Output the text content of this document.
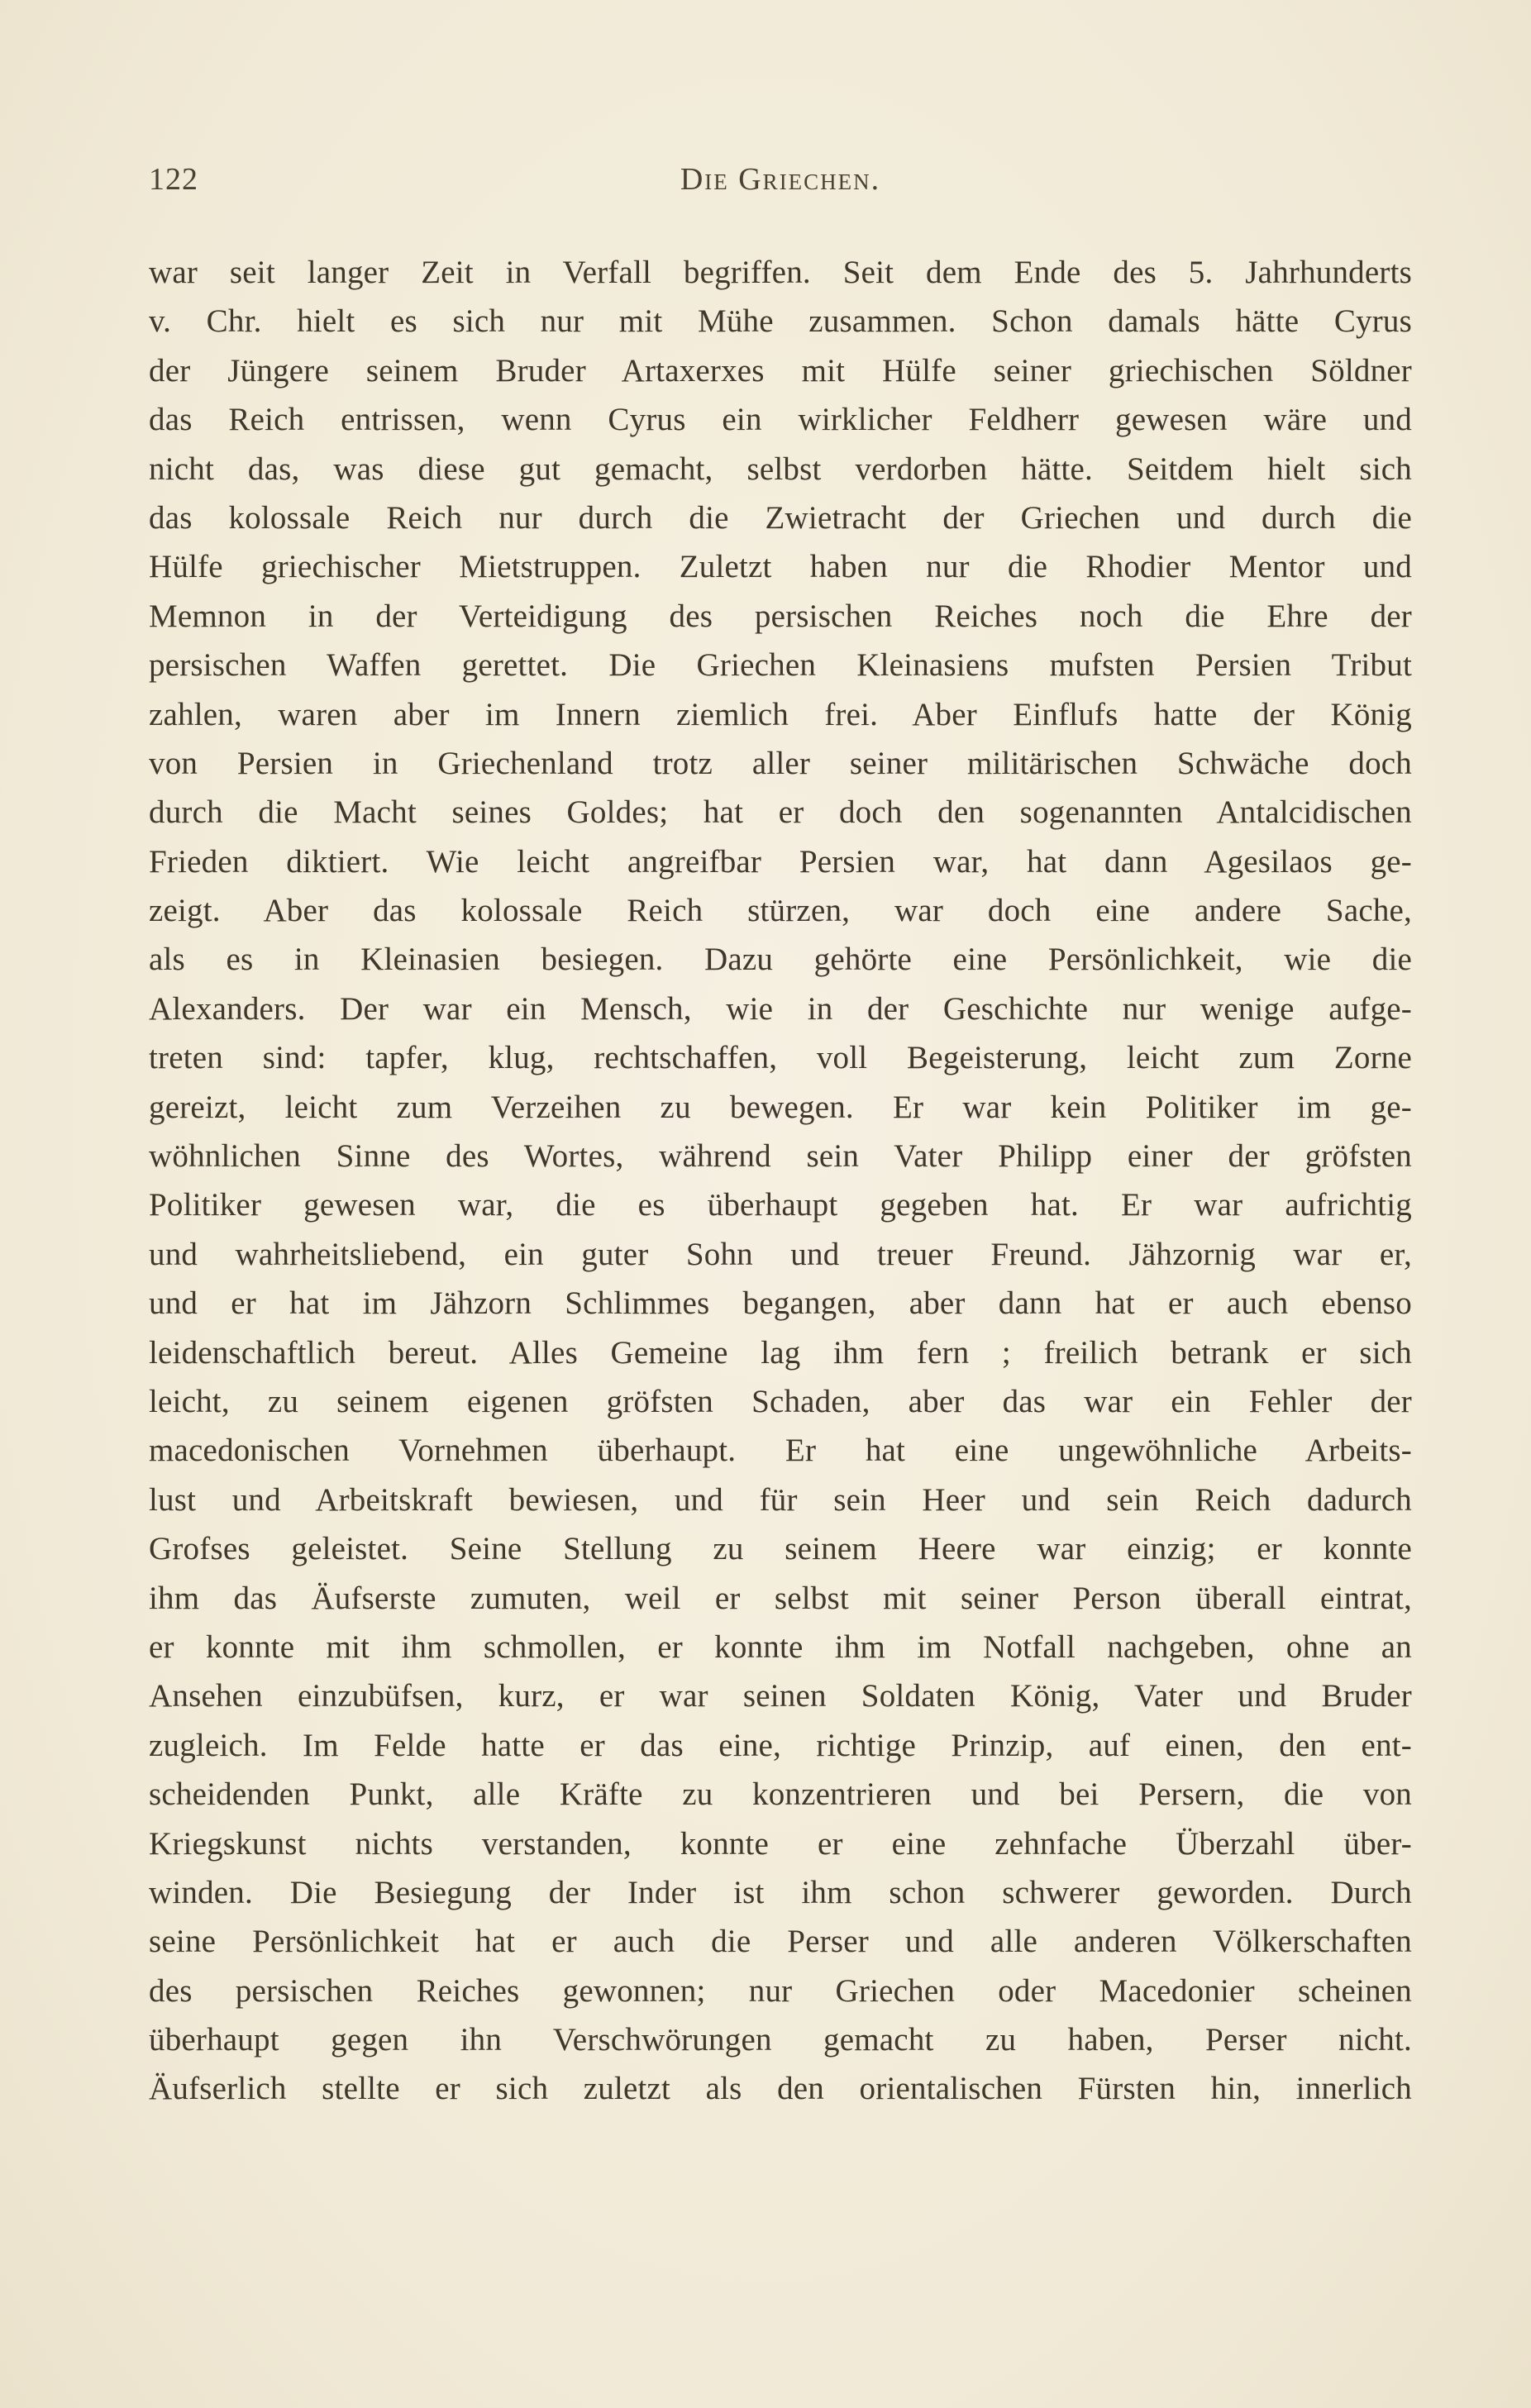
122	Die Griechen.
war seit langer Zeit in Verfall begriffen. Seit dem Ende des 5. Jahrhunderts
v. Chr. hielt es sich nur mit Mühe zusammen. Schon damals hätte Cyrus
der Jüngere seinem Bruder Artaxerxes mit Hülfe seiner griechischen Söldner
das Reich entrissen, wenn Cyrus ein wirklicher Feldherr gewesen wäre und
nicht das, was diese gut gemacht, selbst verdorben hätte. Seitdem hielt sich
das kolossale Reich nur durch die Zwietracht der Griechen und durch die
Hülfe griechischer Mietstruppen. Zuletzt haben nur die Rhodier Mentor und
Memnon in der Verteidigung des persischen Reiches noch die Ehre der
persischen Waffen gerettet. Die Griechen Kleinasiens mufsten Persien Tribut
zahlen, waren aber im Innern ziemlich frei. Aber Einflufs hatte der König
von Persien in Griechenland trotz aller seiner militärischen Schwäche doch
durch die Macht seines Goldes; hat er doch den sogenannten Antalcidischen
Frieden diktiert. Wie leicht angreifbar Persien war, hat dann Agesilaos ge-
zeigt. Aber das kolossale Reich stürzen, war doch eine andere Sache,
als es in Kleinasien besiegen. Dazu gehörte eine Persönlichkeit, wie die
Alexanders. Der war ein Mensch, wie in der Geschichte nur wenige aufge-
treten sind: tapfer, klug, rechtschaffen, voll Begeisterung, leicht zum Zorne
gereizt, leicht zum Verzeihen zu bewegen. Er war kein Politiker im ge-
wöhnlichen Sinne des Wortes, während sein Vater Philipp einer der gröfsten
Politiker gewesen war, die es überhaupt gegeben hat. Er war aufrichtig
und wahrheitsliebend, ein guter Sohn und treuer Freund. Jähzornig war er,
und er hat im Jähzorn Schlimmes begangen, aber dann hat er auch ebenso
leidenschaftlich bereut. Alles Gemeine lag ihm fern ; freilich betrank er sich
leicht, zu seinem eigenen gröfsten Schaden, aber das war ein Fehler der
macedonischen Vornehmen überhaupt. Er hat eine ungewöhnliche Arbeits-
lust und Arbeitskraft bewiesen, und für sein Heer und sein Reich dadurch
Grofses geleistet. Seine Stellung zu seinem Heere war einzig; er konnte
ihm das Äufserste zumuten, weil er selbst mit seiner Person überall eintrat,
er konnte mit ihm schmollen, er konnte ihm im Notfall nachgeben, ohne an
Ansehen einzubüfsen, kurz, er war seinen Soldaten König, Vater und Bruder
zugleich. Im Felde hatte er das eine, richtige Prinzip, auf einen, den ent-
scheidenden Punkt, alle Kräfte zu konzentrieren und bei Persern, die von
Kriegskunst nichts verstanden, konnte er eine zehnfache Überzahl über-
winden. Die Besiegung der Inder ist ihm schon schwerer geworden. Durch
seine Persönlichkeit hat er auch die Perser und alle anderen Völkerschaften
des persischen Reiches gewonnen; nur Griechen oder Macedonier scheinen
überhaupt gegen ihn Verschwörungen gemacht zu haben, Perser nicht.
Äufserlich stellte er sich zuletzt als den orientalischen Fürsten hin, innerlich
